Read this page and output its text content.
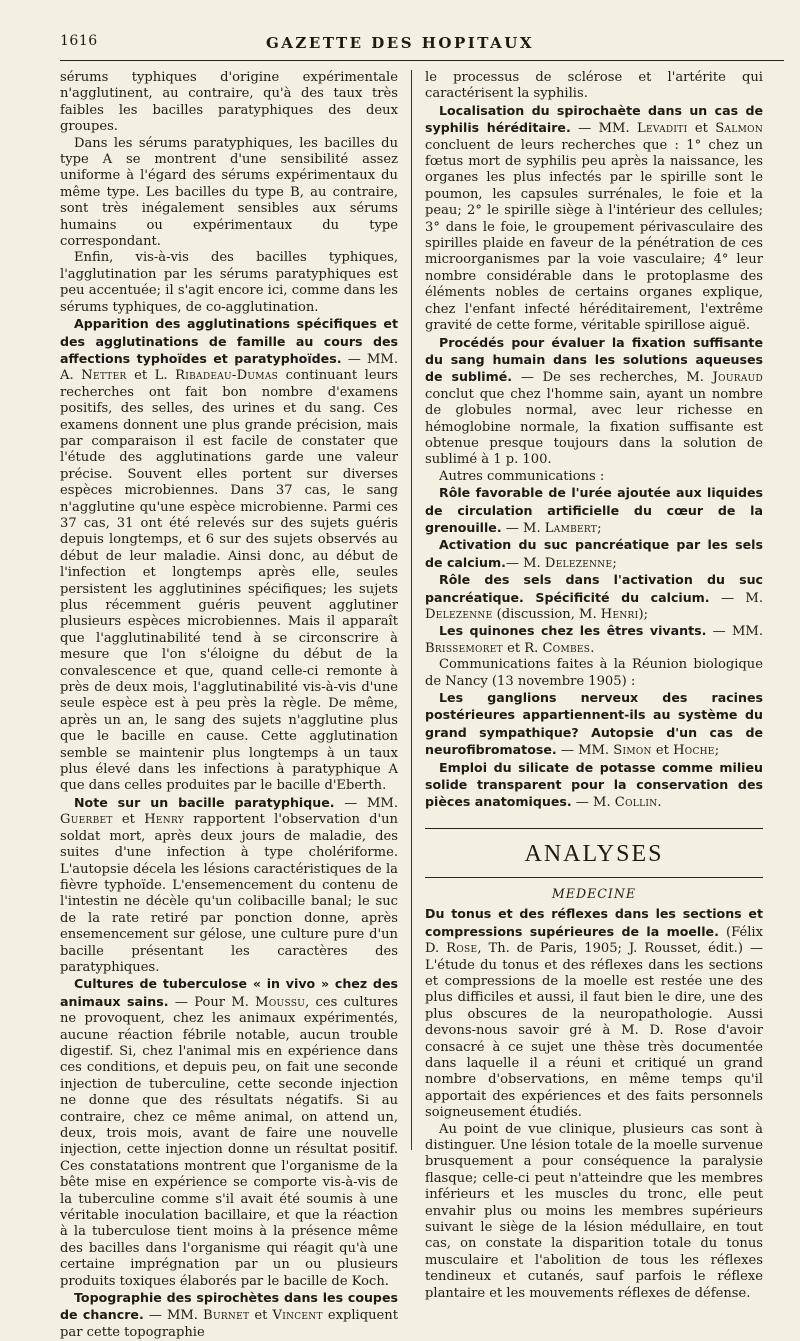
1616	GAZETTE DES HOPITAUX

sérums typhiques d'origine expérimentale n'agglutinent, au contraire, qu'à des taux très faibles les bacilles paratyphiques des deux groupes.

Dans les sérums paratyphiques, les bacilles du type A se montrent d'une sensibilité assez uniforme à l'égard des sérums expérimentaux du même type. Les bacilles du type B, au contraire, sont très inégalement sensibles aux sérums humains ou expérimentaux du type correspondant.

Enfin, vis-à-vis des bacilles typhiques, l'agglutination par les sérums paratyphiques est peu accentuée; il s'agit encore ici, comme dans les sérums typhiques, de co-agglutination.

Apparition des agglutinations spécifiques et des agglutinations de famille au cours des affections typhoïdes et paratyphoïdes. — MM. A. Netter et L. Ribadeau-Dumas continuant leurs recherches ont fait bon nombre d'examens positifs, des selles, des urines et du sang. Ces examens donnent une plus grande précision, mais par comparaison il est facile de constater que l'étude des agglutinations garde une valeur précise. Souvent elles portent sur diverses espèces microbiennes. Dans 37 cas, le sang n'agglutine qu'une espèce microbienne. Parmi ces 37 cas, 31 ont été relevés sur des sujets guéris depuis longtemps, et 6 sur des sujets observés au début de leur maladie. Ainsi donc, au début de l'infection et longtemps après elle, seules persistent les agglutinines spécifiques; les sujets plus récemment guéris peuvent agglutiner plusieurs espèces microbiennes. Mais il apparaît que l'agglutinabilité tend à se circonscrire à mesure que l'on s'éloigne du début de la convalescence et que, quand celle-ci remonte à près de deux mois, l'agglutinabilité vis-à-vis d'une seule espèce est à peu près la règle. De même, après un an, le sang des sujets n'agglutine plus que le bacille en cause. Cette agglutination semble se maintenir plus longtemps à un taux plus élevé dans les infections à paratyphique A que dans celles produites par le bacille d'Eberth.

Note sur un bacille paratyphique. — MM. Guerbet et Henry rapportent l'observation d'un soldat mort, après deux jours de maladie, des suites d'une infection à type cholériforme. L'autopsie décela les lésions caractéristiques de la fièvre typhoïde. L'ensemencement du contenu de l'intestin ne décèle qu'un colibacille banal; le suc de la rate retiré par ponction donne, après ensemencement sur gélose, une culture pure d'un bacille présentant les caractères des paratyphiques.

Cultures de tuberculose « in vivo » chez des animaux sains. — Pour M. Moussu, ces cultures ne provoquent, chez les animaux expérimentés, aucune réaction fébrile notable, aucun trouble digestif. Si, chez l'animal mis en expérience dans ces conditions, et depuis peu, on fait une seconde injection de tuberculine, cette seconde injection ne donne que des résultats négatifs. Si au contraire, chez ce même animal, on attend un, deux, trois mois, avant de faire une nouvelle injection, cette injection donne un résultat positif. Ces constatations montrent que l'organisme de la bête mise en expérience se comporte vis-à-vis de la tuberculine comme s'il avait été soumis à une véritable inoculation bacillaire, et que la réaction à la tuberculose tient moins à la présence même des bacilles dans l'organisme qui réagit qu'à une certaine imprégnation par un ou plusieurs produits toxiques élaborés par le bacille de Koch.

Topographie des spirochètes dans les coupes de chancre. — MM. Burnet et Vincent expliquent par cette topographie

le processus de sclérose et l'artérite qui caractérisent la syphilis.

Localisation du spirochaète dans un cas de syphilis héréditaire. — MM. Levaditi et Salmon concluent de leurs recherches que : 1° chez un fœtus mort de syphilis peu après la naissance, les organes les plus infectés par le spirille sont le poumon, les capsules surrénales, le foie et la peau; 2° le spirille siège à l'intérieur des cellules; 3° dans le foie, le groupement périvasculaire des spirilles plaide en faveur de la pénétration de ces microorganismes par la voie vasculaire; 4° leur nombre considérable dans le protoplasme des éléments nobles de certains organes explique, chez l'enfant infecté héréditairement, l'extrême gravité de cette forme, véritable spirillose aiguë.

Procédés pour évaluer la fixation suffisante du sang humain dans les solutions aqueuses de sublimé. — De ses recherches, M. Jouraud conclut que chez l'homme sain, ayant un nombre de globules normal, avec leur richesse en hémoglobine normale, la fixation suffisante est obtenue presque toujours dans la solution de sublimé à 1 p. 100.

Autres communications :

Rôle favorable de l'urée ajoutée aux liquides de circulation artificielle du cœur de la grenouille. — M. Lambert;

Activation du suc pancréatique par les sels de calcium.— M. Delezenne;

Rôle des sels dans l'activation du suc pancréatique. Spécificité du calcium. — M. Delezenne (discussion, M. Henri);

Les quinones chez les êtres vivants. — MM. Brissemoret et R. Combes.

Communications faites à la Réunion biologique de Nancy (13 novembre 1905) :

Les ganglions nerveux des racines postérieures appartiennent-ils au système du grand sympathique? Autopsie d'un cas de neurofibromatose. — MM. Simon et Hoche;

Emploi du silicate de potasse comme milieu solide transparent pour la conservation des pièces anatomiques. — M. Collin.

ANALYSES
MEDECINE

Du tonus et des réflexes dans les sections et compressions supérieures de la moelle. (Félix D. Rose, Th. de Paris, 1905; J. Rousset, édit.) — L'étude du tonus et des réflexes dans les sections et compressions de la moelle est restée une des plus difficiles et aussi, il faut bien le dire, une des plus obscures de la neuropathologie. Aussi devons-nous savoir gré à M. D. Rose d'avoir consacré à ce sujet une thèse très documentée dans laquelle il a réuni et critiqué un grand nombre d'observations, en même temps qu'il apportait des expériences et des faits personnels soigneusement étudiés.

Au point de vue clinique, plusieurs cas sont à distinguer. Une lésion totale de la moelle survenue brusquement a pour conséquence la paralysie flasque; celle-ci peut n'atteindre que les membres inférieurs et les muscles du tronc, elle peut envahir plus ou moins les membres supérieurs suivant le siège de la lésion médullaire, en tout cas, on constate la disparition totale du tonus musculaire et l'abolition de tous les réflexes tendineux et cutanés, sauf parfois le réflexe plantaire et les mouvements réflexes de défense.
